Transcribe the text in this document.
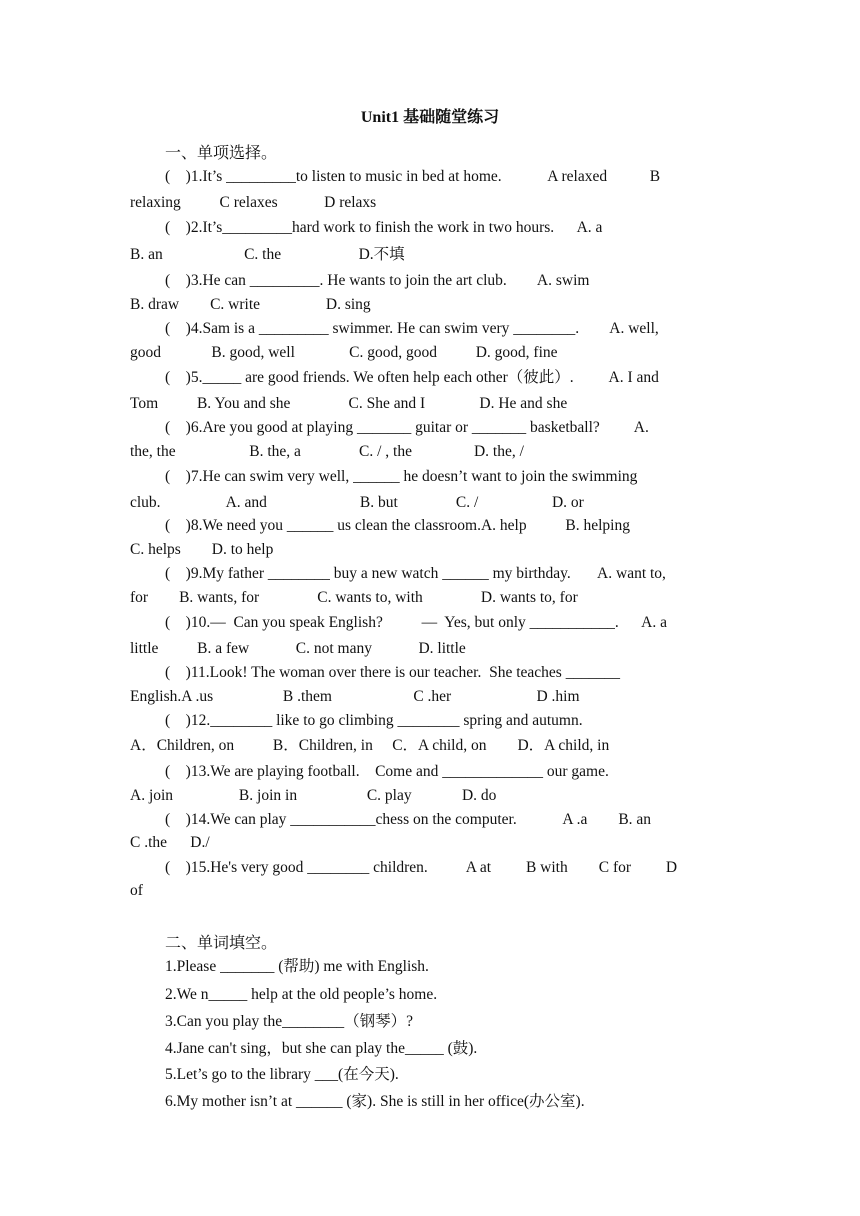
Unit1 基础随堂练习
一、单项选择。
(    )1.It’s _________to listen to music in bed at home.            A relaxed           B
relaxing          C relaxes            D relaxs
(    )2.It’s_________hard work to finish the work in two hours.      A. a
B. an                     C. the                    D.不填
(    )3.He can _________. He wants to join the art club.        A. swim
B. draw        C. write                 D. sing
(    )4.Sam is a _________ swimmer. He can swim very ________.        A. well,
good             B. good, well              C. good, good          D. good, fine
(    )5._____ are good friends. We often help each other（彼此）.         A. I and
Tom          B. You and she               C. She and I              D. He and she
(    )6.Are you good at playing _______ guitar or _______ basketball?         A.
the, the                   B. the, a               C. / , the                D. the, /
(    )7.He can swim very well, ______ he doesn’t want to join the swimming
club.                 A. and                        B. but               C. /                   D. or
(    )8.We need you ______ us clean the classroom.A. help          B. helping
C. helps        D. to help
(    )9.My father ________ buy a new watch ______ my birthday.       A. want to,
for        B. wants, for               C. wants to, with               D. wants to, for
(    )10.—  Can you speak English?          —  Yes, but only ___________.      A. a
little          B. a few            C. not many            D. little
(    )11.Look! The woman over there is our teacher.  She teaches _______
English.A .us                  B .them                     C .her                      D .him
(    )12.________ like to go climbing ________ spring and autumn.
A．Children, on          B．Children, in     C．A child, on        D．A child, in
(    )13.We are playing football.    Come and _____________ our game.
A. join                 B. join in                  C. play             D. do
(    )14.We can play ___________chess on the computer.            A .a        B. an
C .the      D./
(    )15.He's very good ________ children.          A at         B with        C for         D
of
二、单词填空。
1.Please _______ (帮助) me with English.
2.We n_____ help at the old people’s home.
3.Can you play the________（钢琴）?
4.Jane can't sing，but she can play the_____ (鼓).
5.Let’s go to the library ___(在今天).
6.My mother isn’t at ______ (家). She is still in her office(办公室).
